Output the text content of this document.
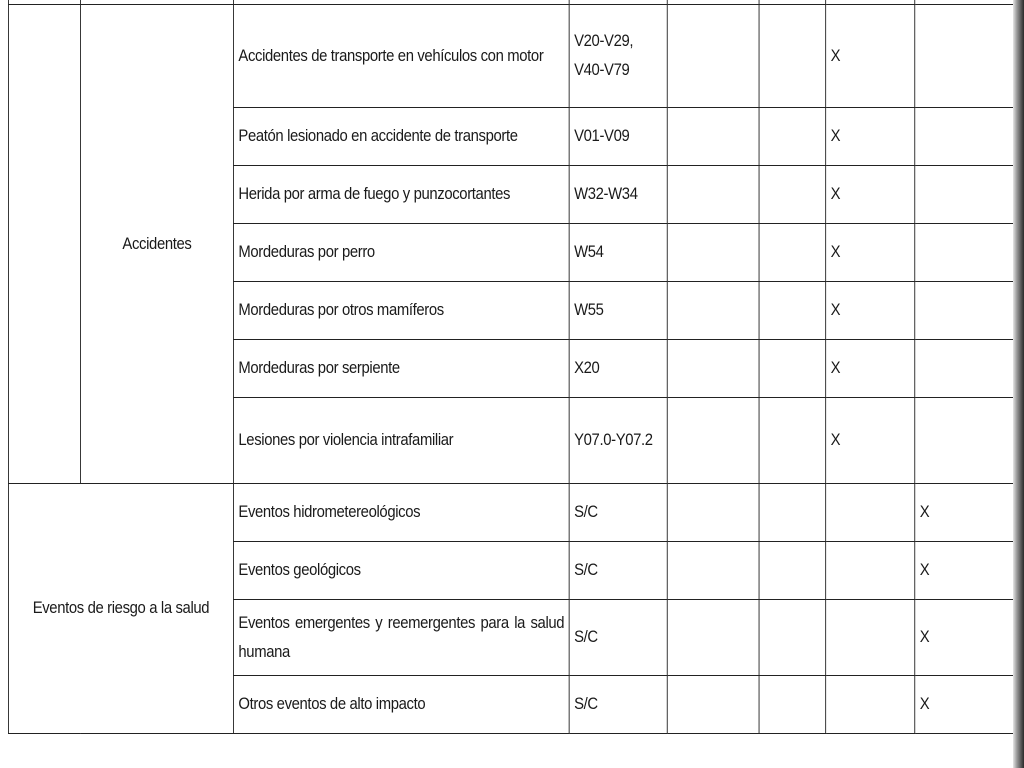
	Accidentes	Accidentes de transporte en vehículos con motor	V20-V29, V40-V79			X	
		Peatón lesionado en accidente de transporte	V01-V09			X	
		Herida por arma de fuego y punzocortantes	W32-W34			X	
		Mordeduras por perro	W54			X	
		Mordeduras por otros mamíferos	W55			X	
		Mordeduras por serpiente	X20			X	
		Lesiones por violencia intrafamiliar	Y07.0-Y07.2			X	
Eventos de riesgo a la salud		Eventos hidrometereológicos	S/C				X
		Eventos geológicos	S/C				X
		Eventos emergentes y reemergentes para la salud humana	S/C				X
		Otros eventos de alto impacto	S/C				X
